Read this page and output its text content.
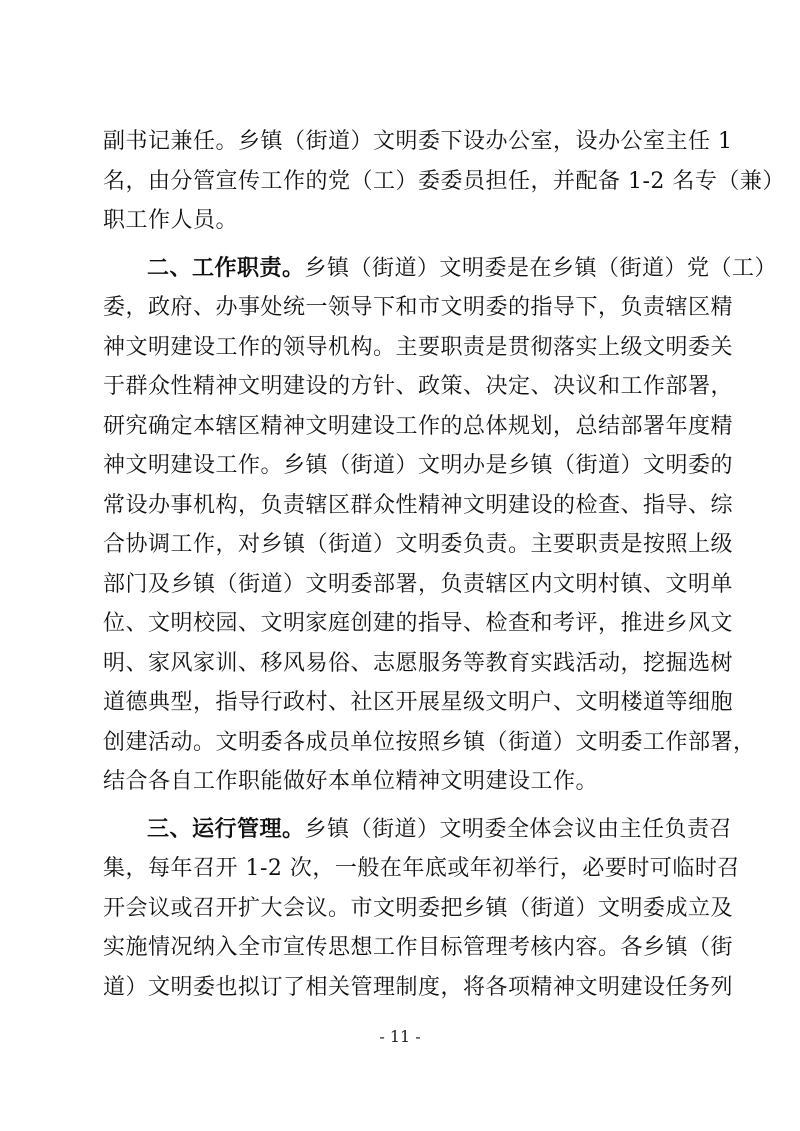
副书记兼任。乡镇（街道）文明委下设办公室，设办公室主任 1
名，由分管宣传工作的党（工）委委员担任，并配备 1-2 名专（兼）
职工作人员。
二、工作职责。乡镇（街道）文明委是在乡镇（街道）党（工）
委，政府、办事处统一领导下和市文明委的指导下，负责辖区精
神文明建设工作的领导机构。主要职责是贯彻落实上级文明委关
于群众性精神文明建设的方针、政策、决定、决议和工作部署，
研究确定本辖区精神文明建设工作的总体规划，总结部署年度精
神文明建设工作。乡镇（街道）文明办是乡镇（街道）文明委的
常设办事机构，负责辖区群众性精神文明建设的检查、指导、综
合协调工作，对乡镇（街道）文明委负责。主要职责是按照上级
部门及乡镇（街道）文明委部署，负责辖区内文明村镇、文明单
位、文明校园、文明家庭创建的指导、检查和考评，推进乡风文
明、家风家训、移风易俗、志愿服务等教育实践活动，挖掘选树
道德典型，指导行政村、社区开展星级文明户、文明楼道等细胞
创建活动。文明委各成员单位按照乡镇（街道）文明委工作部署，
结合各自工作职能做好本单位精神文明建设工作。
三、运行管理。乡镇（街道）文明委全体会议由主任负责召
集，每年召开 1-2 次，一般在年底或年初举行，必要时可临时召
开会议或召开扩大会议。市文明委把乡镇（街道）文明委成立及
实施情况纳入全市宣传思想工作目标管理考核内容。各乡镇（街
道）文明委也拟订了相关管理制度，将各项精神文明建设任务列
- 11 -
